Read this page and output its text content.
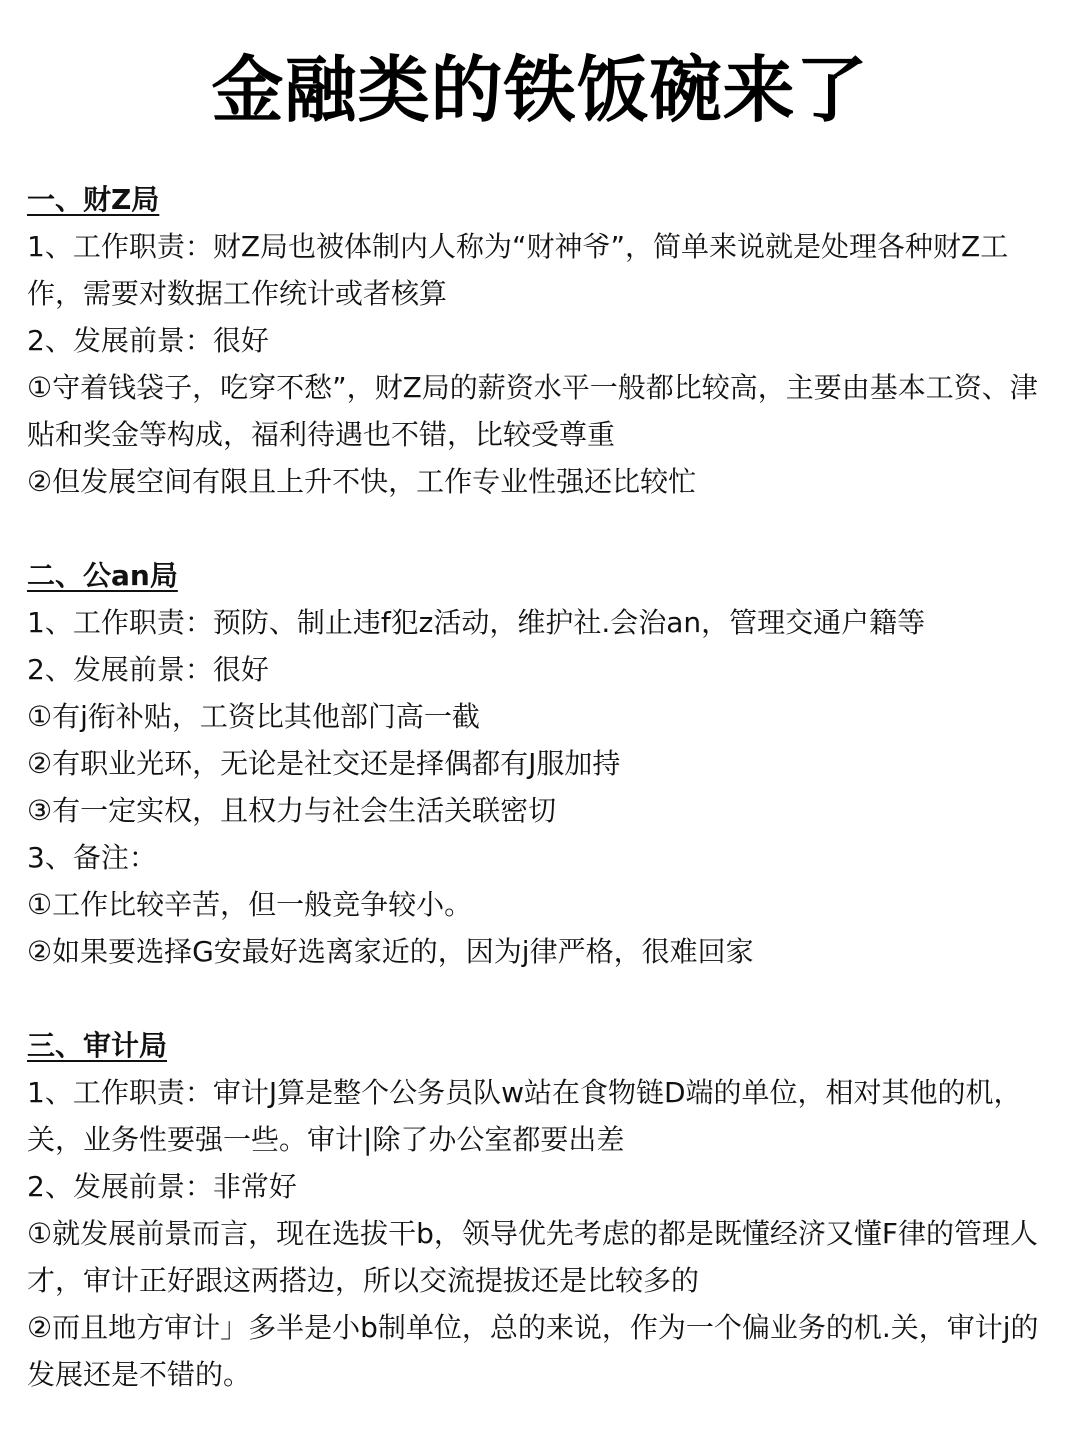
金融类的铁饭碗来了
一、财Z局

1、工作职责：财Z局也被体制内人称为“财神爷”，简单来说就是处理各种财Z工作，需要对数据工作统计或者核算

2、发展前景：很好

①守着钱袋子，吃穿不愁”，财Z局的薪资水平一般都比较高，主要由基本工资、津贴和奖金等构成，福利待遇也不错，比较受尊重

②但发展空间有限且上升不快，工作专业性强还比较忙

二、公an局

1、工作职责：预防、制止违f犯z活动，维护社.会治an，管理交通户籍等

2、发展前景：很好

①有j衔补贴，工资比其他部门高一截

②有职业光环，无论是社交还是择偶都有J服加持

③有一定实权，且权力与社会生活关联密切

3、备注：

①工作比较辛苦，但一般竞争较小。

②如果要选择G安最好选离家近的，因为j律严格，很难回家

三、审计局

1、工作职责：审计J算是整个公务员队w站在食物链D端的单位，相对其他的机，关，业务性要强一些。审计|除了办公室都要出差

2、发展前景：非常好

①就发展前景而言，现在选拔干b，领导优先考虑的都是既懂经济又懂F律的管理人才，审计正好跟这两搭边，所以交流提拔还是比较多的

②而且地方审计」多半是小b制单位，总的来说，作为一个偏业务的机.关，审计j的发展还是不错的。
